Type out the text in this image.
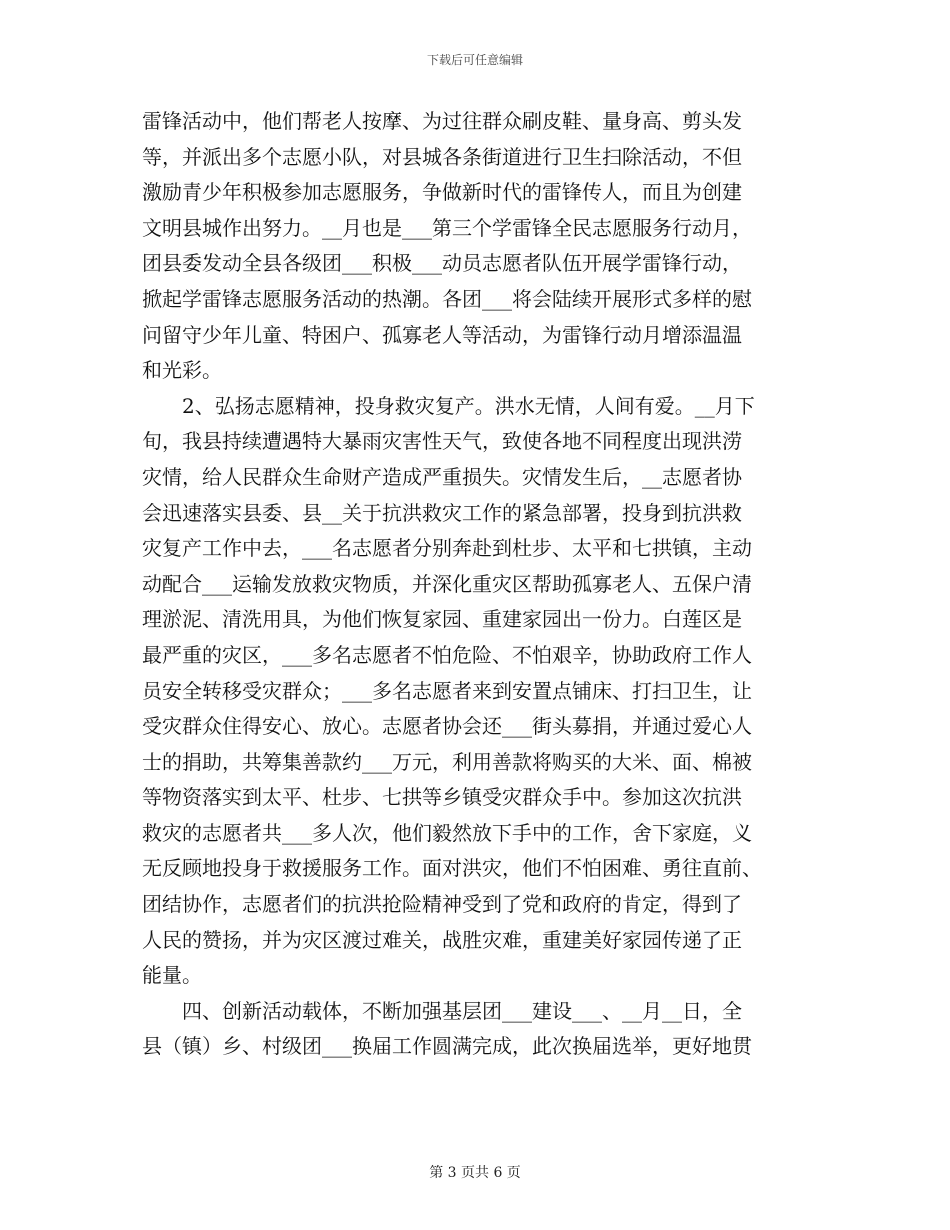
下载后可任意编辑
雷锋活动中，他们帮老人按摩、为过往群众刷皮鞋、量身高、剪头发
等，并派出多个志愿小队，对县城各条街道进行卫生扫除活动，不但
激励青少年积极参加志愿服务，争做新时代的雷锋传人，而且为创建
文明县城作出努力。__月也是___第三个学雷锋全民志愿服务行动月，
团县委发动全县各级团___积极___动员志愿者队伍开展学雷锋行动，
掀起学雷锋志愿服务活动的热潮。各团___将会陆续开展形式多样的慰
问留守少年儿童、特困户、孤寡老人等活动，为雷锋行动月增添温温
和光彩。
　　2、弘扬志愿精神，投身救灾复产。洪水无情，人间有爱。__月下
旬，我县持续遭遇特大暴雨灾害性天气，致使各地不同程度出现洪涝
灾情，给人民群众生命财产造成严重损失。灾情发生后，__志愿者协
会迅速落实县委、县__关于抗洪救灾工作的紧急部署，投身到抗洪救
灾复产工作中去，___名志愿者分别奔赴到杜步、太平和七拱镇，主动
动配合___运输发放救灾物质，并深化重灾区帮助孤寡老人、五保户清
理淤泥、清洗用具，为他们恢复家园、重建家园出一份力。白莲区是
最严重的灾区，___多名志愿者不怕危险、不怕艰辛，协助政府工作人
员安全转移受灾群众；___多名志愿者来到安置点铺床、打扫卫生，让
受灾群众住得安心、放心。志愿者协会还___街头募捐，并通过爱心人
士的捐助，共筹集善款约___万元，利用善款将购买的大米、面、棉被
等物资落实到太平、杜步、七拱等乡镇受灾群众手中。参加这次抗洪
救灾的志愿者共___多人次，他们毅然放下手中的工作，舍下家庭，义
无反顾地投身于救援服务工作。面对洪灾，他们不怕困难、勇往直前、
团结协作，志愿者们的抗洪抢险精神受到了党和政府的肯定，得到了
人民的赞扬，并为灾区渡过难关，战胜灾难，重建美好家园传递了正
能量。
　　四、创新活动载体，不断加强基层团___建设___、__月__日，全
县（镇）乡、村级团___换届工作圆满完成，此次换届选举，更好地贯
第 3 页共 6 页
